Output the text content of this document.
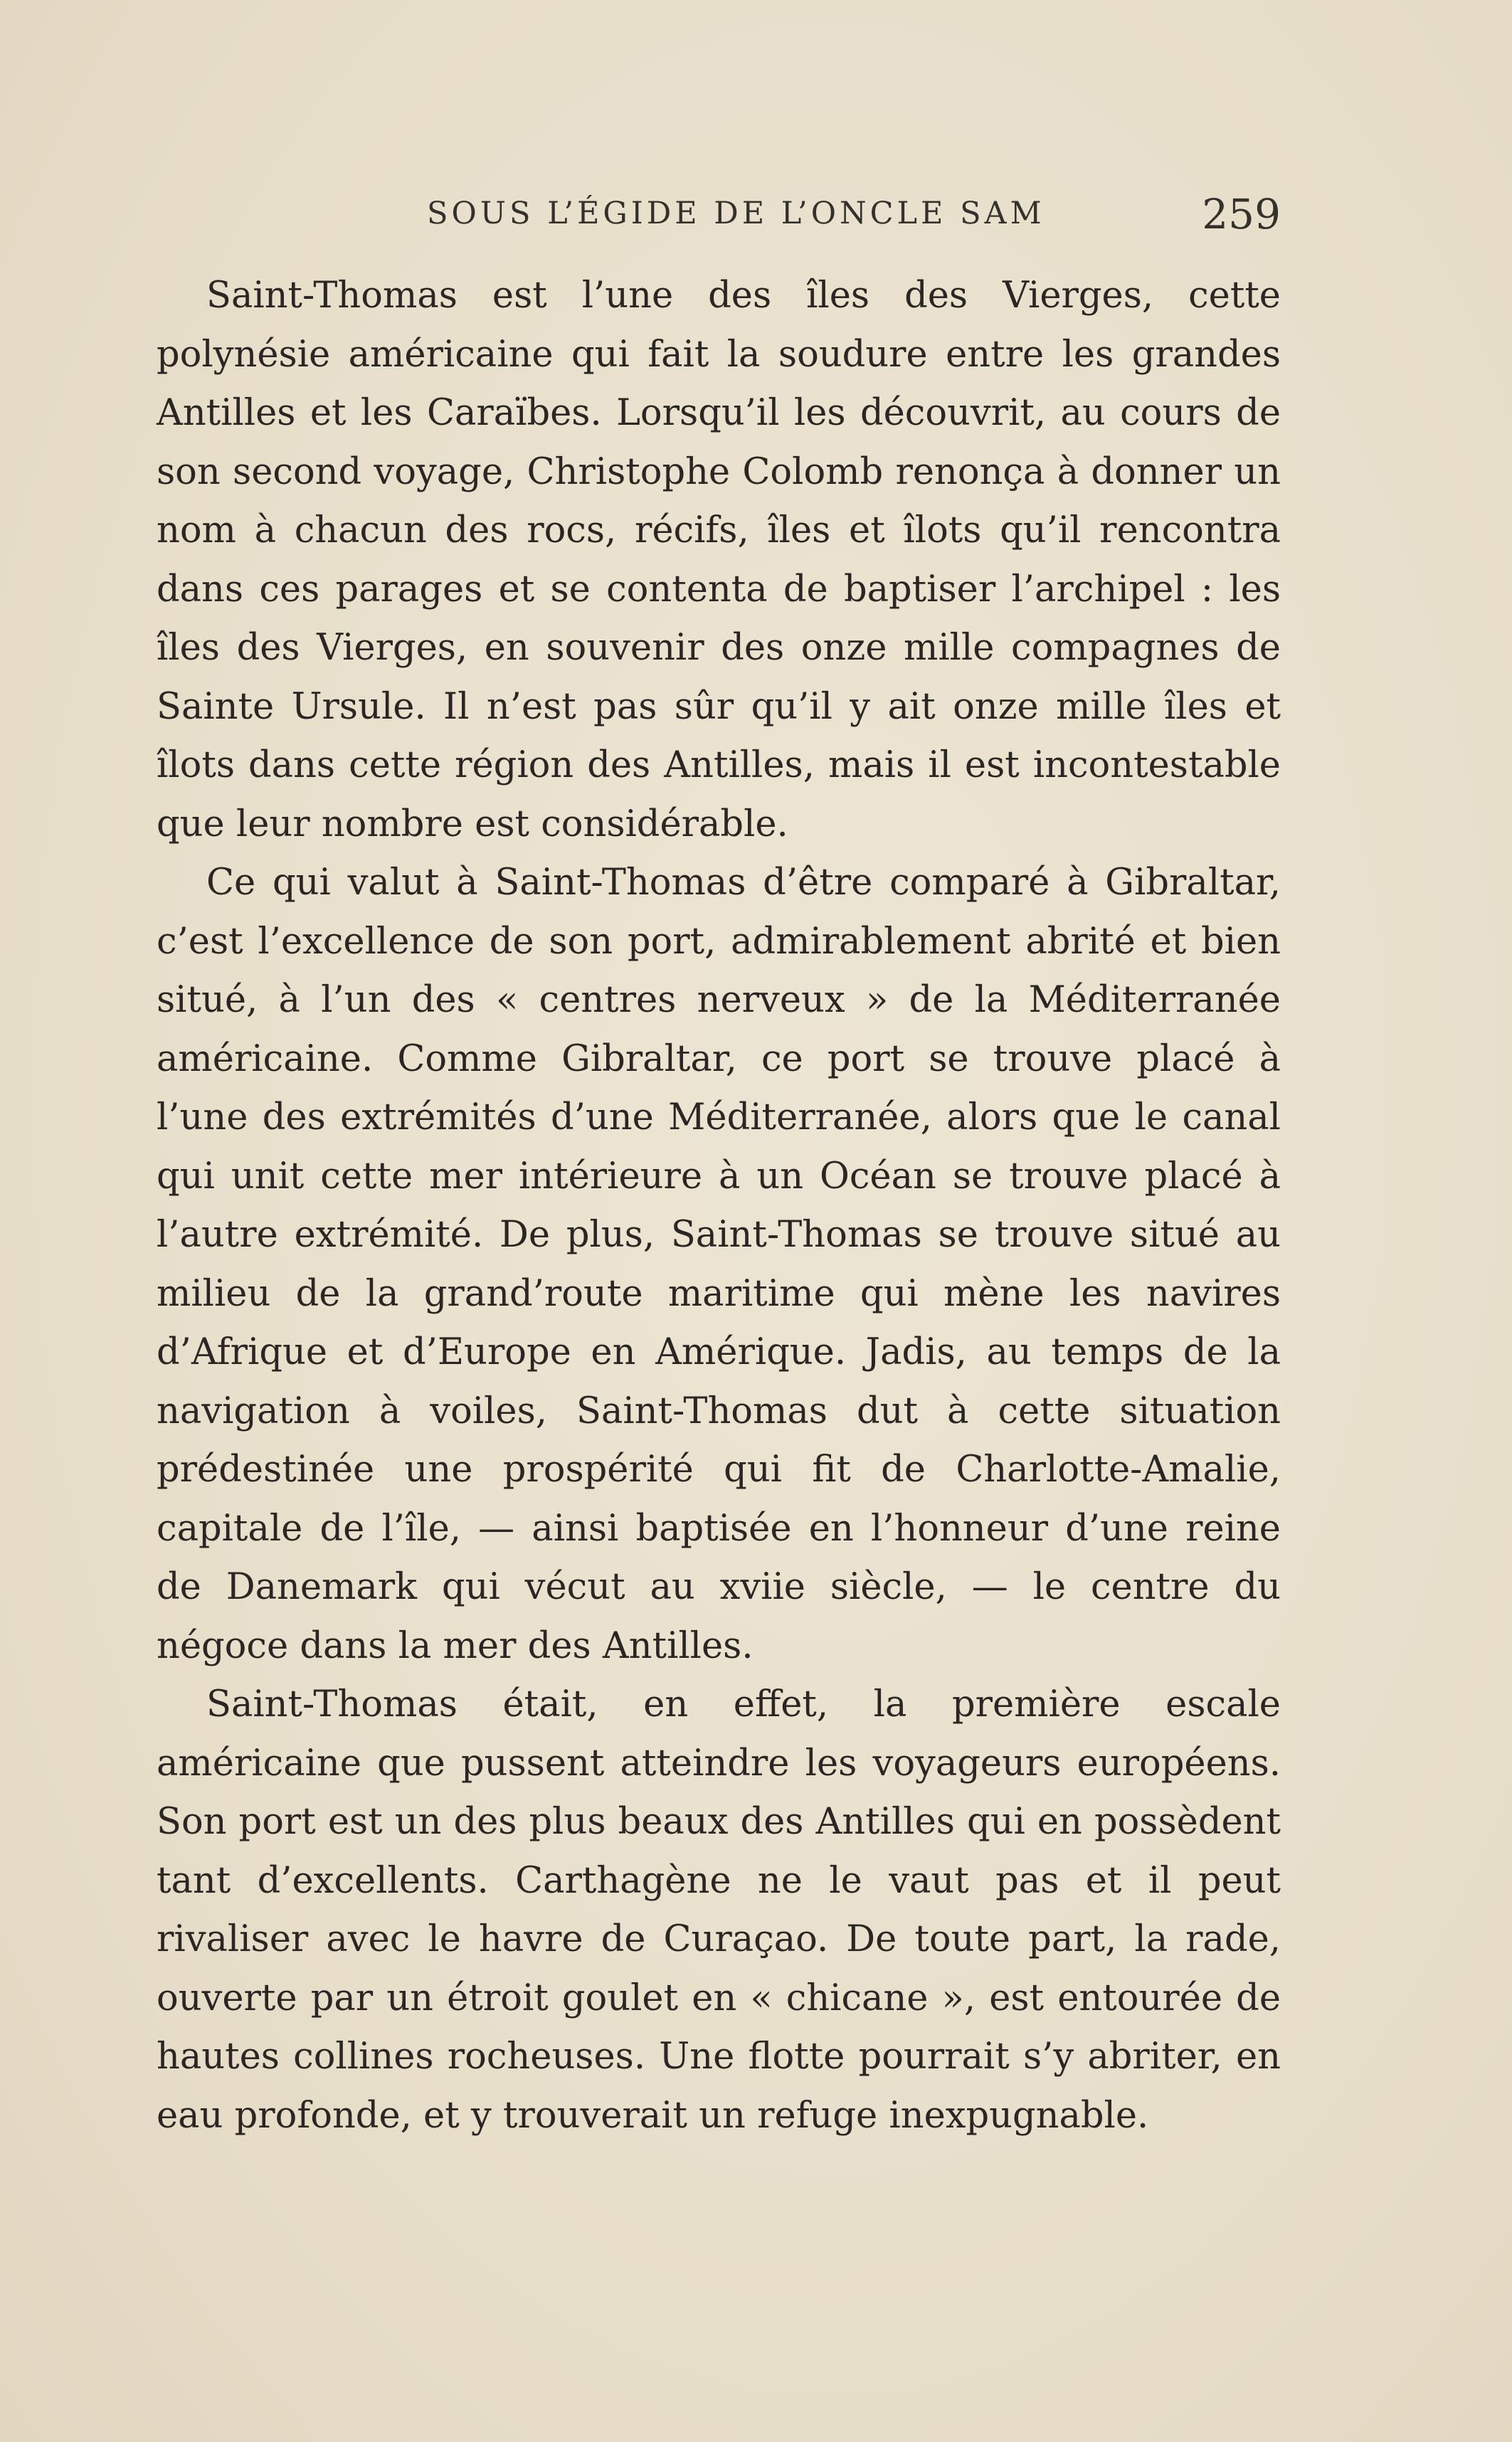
SOUS L’ÉGIDE DE L’ONCLE SAM	259

Saint-Thomas est l’une des îles des Vierges, cette polynésie américaine qui fait la soudure entre les grandes Antilles et les Caraïbes. Lorsqu’il les découvrit, au cours de son second voyage, Christophe Colomb renonça à donner un nom à chacun des rocs, récifs, îles et îlots qu’il rencontra dans ces parages et se contenta de baptiser l’archipel : les îles des Vierges, en souvenir des onze mille compagnes de Sainte Ursule. Il n’est pas sûr qu’il y ait onze mille îles et îlots dans cette région des Antilles, mais il est incontestable que leur nombre est considérable.

Ce qui valut à Saint-Thomas d’être comparé à Gibraltar, c’est l’excellence de son port, admirablement abrité et bien situé, à l’un des « centres nerveux » de la Méditerranée américaine. Comme Gibraltar, ce port se trouve placé à l’une des extrémités d’une Méditerranée, alors que le canal qui unit cette mer intérieure à un Océan se trouve placé à l’autre extrémité. De plus, Saint-Thomas se trouve situé au milieu de la grand’route maritime qui mène les navires d’Afrique et d’Europe en Amérique. Jadis, au temps de la navigation à voiles, Saint-Thomas dut à cette situation prédestinée une prospérité qui fit de Charlotte-Amalie, capitale de l’île, — ainsi baptisée en l’honneur d’une reine de Danemark qui vécut au xviie siècle, — le centre du négoce dans la mer des Antilles.

Saint-Thomas était, en effet, la première escale américaine que pussent atteindre les voyageurs européens. Son port est un des plus beaux des Antilles qui en possèdent tant d’excellents. Carthagène ne le vaut pas et il peut rivaliser avec le havre de Curaçao. De toute part, la rade, ouverte par un étroit goulet en « chicane », est entourée de hautes collines rocheuses. Une flotte pourrait s’y abriter, en eau profonde, et y trouverait un refuge inexpugnable.
